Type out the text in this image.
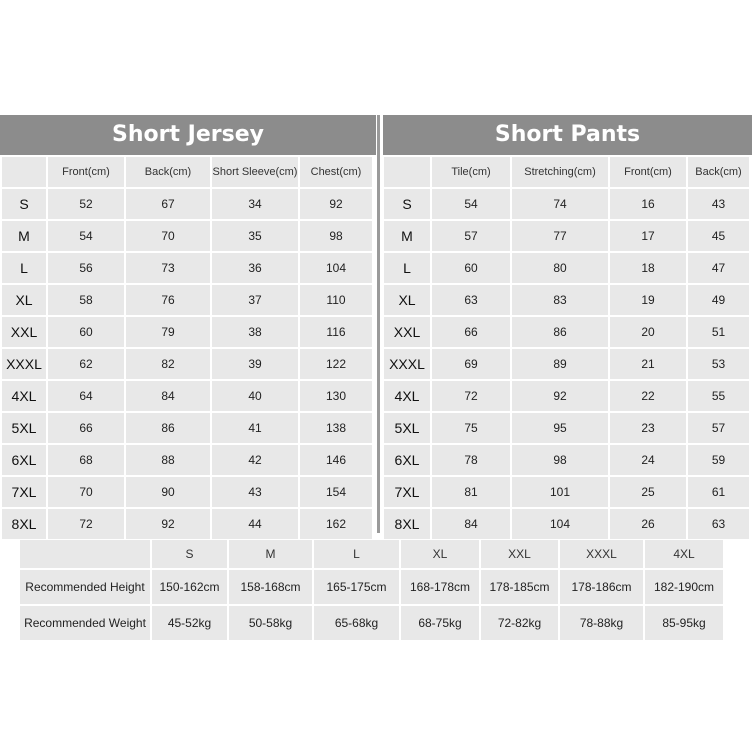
Short Jersey	Short Pants
	Front(cm)	Back(cm)	Short Sleeve(cm)	Chest(cm)
S	52	67	34	92
M	54	70	35	98
L	56	73	36	104
XL	58	76	37	110
XXL	60	79	38	116
XXXL	62	82	39	122
4XL	64	84	40	130
5XL	66	86	41	138
6XL	68	88	42	146
7XL	70	90	43	154
8XL	72	92	44	162
	Tile(cm)	Stretching(cm)	Front(cm)	Back(cm)
S	54	74	16	43
M	57	77	17	45
L	60	80	18	47
XL	63	83	19	49
XXL	66	86	20	51
XXXL	69	89	21	53
4XL	72	92	22	55
5XL	75	95	23	57
6XL	78	98	24	59
7XL	81	101	25	61
8XL	84	104	26	63
	S	M	L	XL	XXL	XXXL	4XL
Recommended Height	150-162cm	158-168cm	165-175cm	168-178cm	178-185cm	178-186cm	182-190cm
Recommended Weight	45-52kg	50-58kg	65-68kg	68-75kg	72-82kg	78-88kg	85-95kg
